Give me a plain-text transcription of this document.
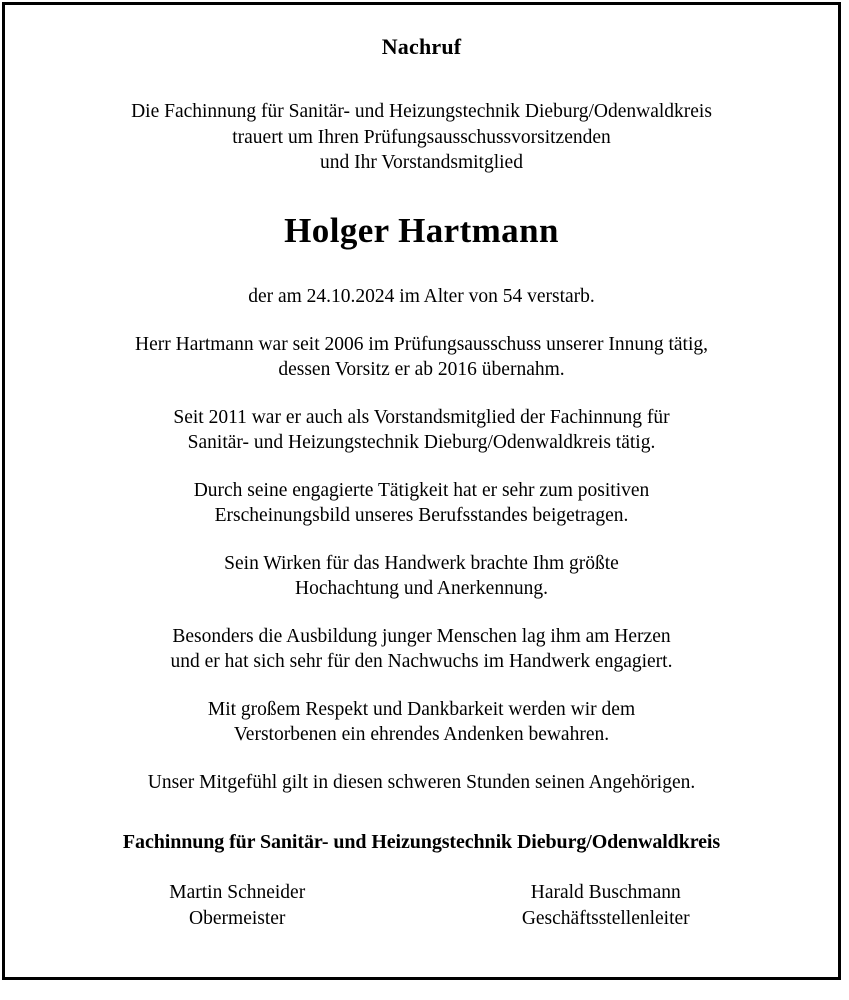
Nachruf
Die Fachinnung für Sanitär- und Heizungstechnik Dieburg/Odenwaldkreis
trauert um Ihren Prüfungsausschussvorsitzenden
und Ihr Vorstandsmitglied
Holger Hartmann
der am 24.10.2024 im Alter von 54 verstarb.
Herr Hartmann war seit 2006 im Prüfungsausschuss unserer Innung tätig,
dessen Vorsitz er ab 2016 übernahm.
Seit 2011 war er auch als Vorstandsmitglied der Fachinnung für
Sanitär- und Heizungstechnik Dieburg/Odenwaldkreis tätig.
Durch seine engagierte Tätigkeit hat er sehr zum positiven
Erscheinungsbild unseres Berufsstandes beigetragen.
Sein Wirken für das Handwerk brachte Ihm größte
Hochachtung und Anerkennung.
Besonders die Ausbildung junger Menschen lag ihm am Herzen
und er hat sich sehr für den Nachwuchs im Handwerk engagiert.
Mit großem Respekt und Dankbarkeit werden wir dem
Verstorbenen ein ehrendes Andenken bewahren.
Unser Mitgefühl gilt in diesen schweren Stunden seinen Angehörigen.
Fachinnung für Sanitär- und Heizungstechnik Dieburg/Odenwaldkreis
Martin Schneider
Obermeister
Harald Buschmann
Geschäftsstellenleiter
